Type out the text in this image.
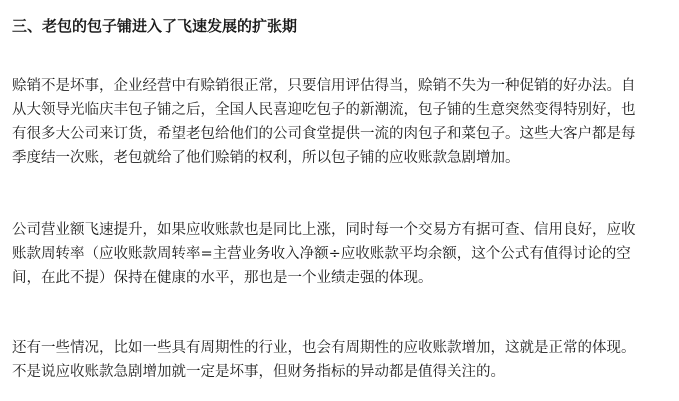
三、老包的包子铺进入了飞速发展的扩张期
赊销不是坏事，企业经营中有赊销很正常，只要信用评估得当，赊销不失为一种促销的好办法。自
从大领导光临庆丰包子铺之后，全国人民喜迎吃包子的新潮流，包子铺的生意突然变得特别好，也
有很多大公司来订货，希望老包给他们的公司食堂提供一流的肉包子和菜包子。这些大客户都是每
季度结一次账，老包就给了他们赊销的权利，所以包子铺的应收账款急剧增加。
公司营业额飞速提升，如果应收账款也是同比上涨，同时每一个交易方有据可查、信用良好，应收
账款周转率（应收账款周转率=主营业务收入净额÷应收账款平均余额，这个公式有值得讨论的空
间，在此不提）保持在健康的水平，那也是一个业绩走强的体现。
还有一些情况，比如一些具有周期性的行业，也会有周期性的应收账款增加，这就是正常的体现。
不是说应收账款急剧增加就一定是坏事，但财务指标的异动都是值得关注的。
